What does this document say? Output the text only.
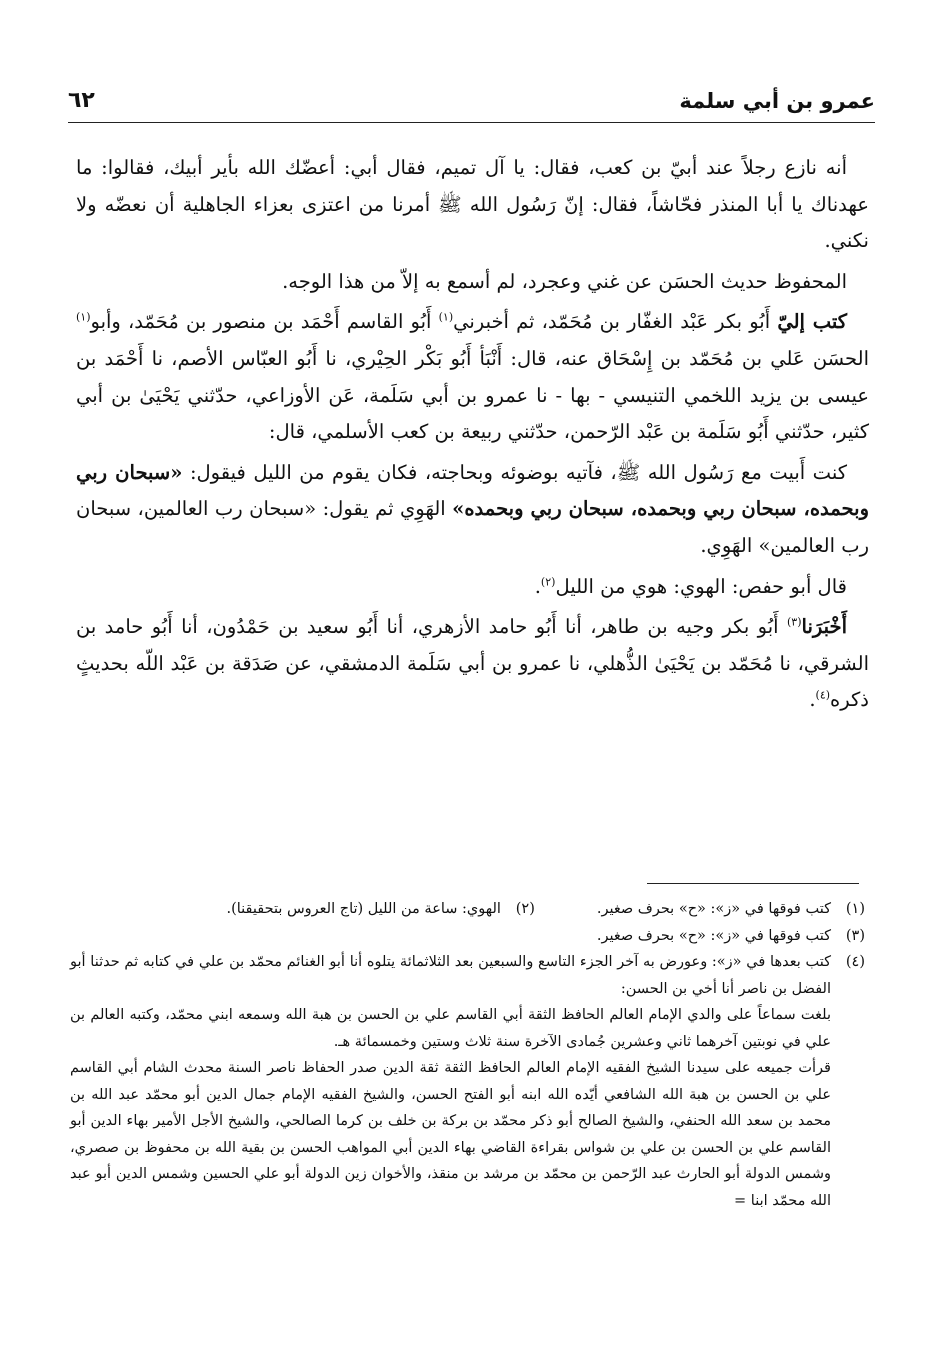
عمرو بن أبي سلمة
٦٢

أنه نازع رجلاً عند أبيّ بن كعب، فقال: يا آل تميم، فقال أبي: أعضّك الله بأير أبيك، فقالوا: ما عهدناك يا أبا المنذر فحّاشاً، فقال: إنّ رَسُول الله ﷺ أمرنا من اعتزى بعزاء الجاهلية أن نعضّه ولا نكني.

المحفوظ حديث الحسَن عن غني وعجرد، لم أسمع به إلاّ من هذا الوجه.

كتب إليّ أَبُو بكر عَبْد الغفّار بن مُحَمّد، ثم أخبرني$^{(١)}$ أَبُو القاسم أَحْمَد بن منصور بن مُحَمّد، وأبو$^{(١)}$ الحسَن عَلي بن مُحَمّد بن إِسْحَاق عنه، قال: أَنْبَأ أَبُو بَكْر الحِيْري، نا أَبُو العبّاس الأصم، نا أَحْمَد بن عيسى بن يزيد اللخمي التنيسي - بها - نا عمرو بن أبي سَلَمة، عَن الأوزاعي، حدّثني يَحْيَىٰ بن أبي كثير، حدّثني أَبُو سَلَمة بن عَبْد الرّحمن، حدّثني ربيعة بن كعب الأسلمي، قال:

كنت أَبيت مع رَسُول الله ﷺ، فآتيه بوضوئه وبحاجته، فكان يقوم من الليل فيقول: «سبحان ربي وبحمده، سبحان ربي وبحمده، سبحان ربي وبحمده» الهَوِي ثم يقول: «سبحان رب العالمين، سبحان رب العالمين» الهَوِي.

قال أبو حفص: الهوي: هوي من الليل$^{(٢)}$.

أَخْبَرَنا$^{(٣)}$ أَبُو بكر وجيه بن طاهر، أنا أَبُو حامد الأزهري، أنا أَبُو سعيد بن حَمْدُون، أنا أَبُو حامد بن الشرقي، نا مُحَمّد بن يَحْيَىٰ الذُّهلي، نا عمرو بن أبي سَلَمة الدمشقي، عن صَدَقة بن عَبْد اللّه بحديثٍ ذكره$^{(٤)}$.

(١)
كتب فوقها في «ز»: «ح» بحرف صغير.
(٢)
الهوي: ساعة من الليل (تاج العروس بتحقيقنا).
(٣)
كتب فوقها في «ز»: «ح» بحرف صغير.
(٤)

كتب بعدها في «ز»: وعورض به آخر الجزء التاسع والسبعين بعد الثلاثمائة يتلوه أنا أبو الغنائم محمّد بن علي في كتابه ثم حدثنا أبو الفضل بن ناصر أنا أخي بن الحسن:

بلغت سماعاً على والدي الإمام العالم الحافظ الثقة أبي القاسم علي بن الحسن بن هبة الله وسمعه ابني محمّد، وكتبه العالم بن علي في نوبتين آخرهما ثاني وعشرين جُمادى الآخرة سنة ثلاث وستين وخمسمائة هـ.

قرأت جميعه على سيدنا الشيخ الفقيه الإمام العالم الحافظ الثقة ثقة الدين صدر الحفاظ ناصر السنة محدث الشام أبي القاسم علي بن الحسن بن هبة الله الشافعي أيّده الله ابنه أبو الفتح الحسن، والشيخ الفقيه الإمام جمال الدين أبو محمّد عبد الله بن محمد بن سعد الله الحنفي، والشيخ الصالح أبو ذكر محمّد بن بركة بن خلف بن كرما الصالحي، والشيخ الأجل الأمير بهاء الدين أبو القاسم علي بن الحسن بن علي بن شواس بقراءة القاضي بهاء الدين أبي المواهب الحسن بن بقية الله بن محفوظ بن صصري، وشمس الدولة أبو الحارث عبد الرّحمن بن محمّد بن مرشد بن منقذ، والأخوان زين الدولة أبو علي الحسين وشمس الدين أبو عبد الله محمّد ابنا =
